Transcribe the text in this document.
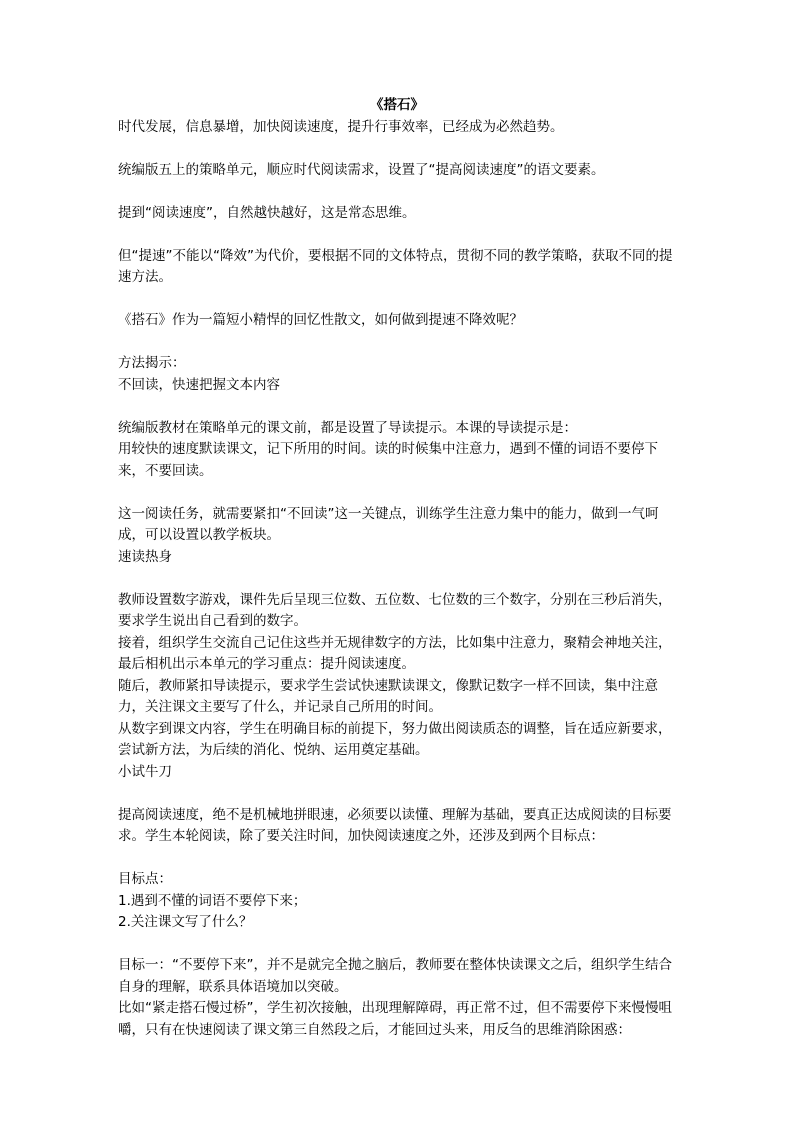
《搭石》

时代发展，信息暴增，加快阅读速度，提升行事效率，已经成为必然趋势。

统编版五上的策略单元，顺应时代阅读需求，设置了“提高阅读速度”的语文要素。

提到“阅读速度”，自然越快越好，这是常态思维。

但“提速”不能以“降效”为代价，要根据不同的文体特点，贯彻不同的教学策略，获取不同的提速方法。

《搭石》作为一篇短小精悍的回忆性散文，如何做到提速不降效呢？

方法揭示：

不回读，快速把握文本内容

统编版教材在策略单元的课文前，都是设置了导读提示。本课的导读提示是：

用较快的速度默读课文，记下所用的时间。读的时候集中注意力，遇到不懂的词语不要停下来，不要回读。

这一阅读任务，就需要紧扣“不回读”这一关键点，训练学生注意力集中的能力，做到一气呵成，可以设置以教学板块。

速读热身

教师设置数字游戏，课件先后呈现三位数、五位数、七位数的三个数字，分别在三秒后消失，要求学生说出自己看到的数字。

接着，组织学生交流自己记住这些并无规律数字的方法，比如集中注意力，聚精会神地关注，最后相机出示本单元的学习重点：提升阅读速度。

随后，教师紧扣导读提示，要求学生尝试快速默读课文，像默记数字一样不回读，集中注意力，关注课文主要写了什么，并记录自己所用的时间。

从数字到课文内容，学生在明确目标的前提下，努力做出阅读质态的调整，旨在适应新要求，尝试新方法，为后续的消化、悦纳、运用奠定基础。

小试牛刀

提高阅读速度，绝不是机械地拼眼速，必须要以读懂、理解为基础，要真正达成阅读的目标要求。学生本轮阅读，除了要关注时间，加快阅读速度之外，还涉及到两个目标点：

目标点：

1.遇到不懂的词语不要停下来；

2.关注课文写了什么？

目标一：“不要停下来”，并不是就完全抛之脑后，教师要在整体快读课文之后，组织学生结合自身的理解，联系具体语境加以突破。

比如“紧走搭石慢过桥”，学生初次接触，出现理解障碍，再正常不过，但不需要停下来慢慢咀嚼，只有在快速阅读了课文第三自然段之后，才能回过头来，用反刍的思维消除困惑：
